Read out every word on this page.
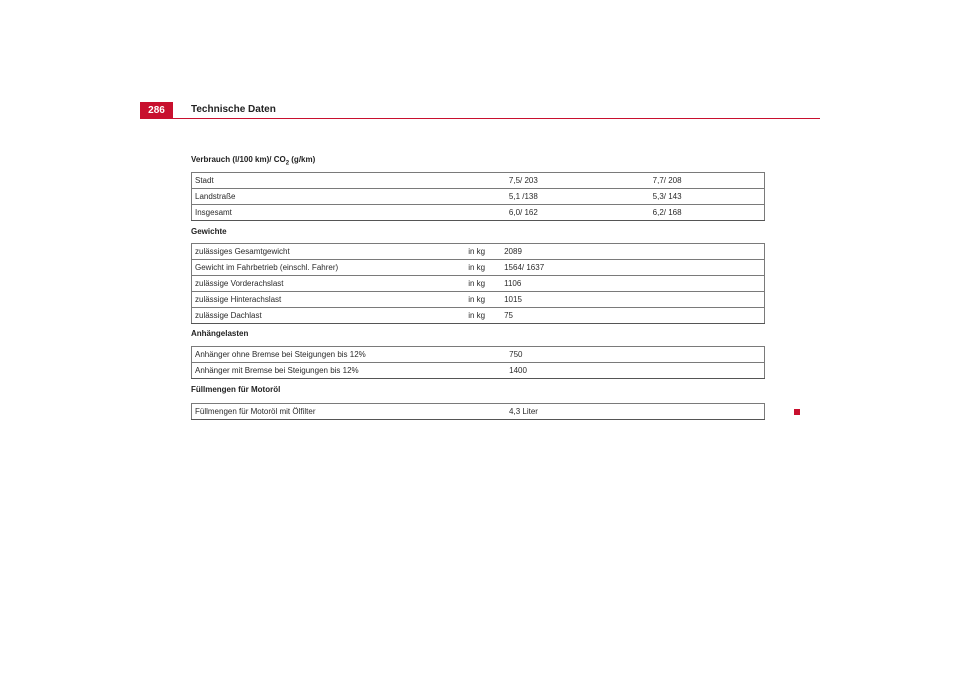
286	Technische Daten
Verbrauch (l/100 km)/ $CO_2$ (g/km)
Stadt	7,5/ 203	7,7/ 208
Landstraße	5,1 /138	5,3/ 143
Insgesamt	6,0/ 162	6,2/ 168
Gewichte
zulässiges Gesamtgewicht	in kg	2089
Gewicht im Fahrbetrieb (einschl. Fahrer)	in kg	1564/ 1637
zulässige Vorderachslast	in kg	1106
zulässige Hinterachslast	in kg	1015
zulässige Dachlast	in kg	75
Anhängelasten
Anhänger ohne Bremse bei Steigungen bis 12%	750
Anhänger mit Bremse bei Steigungen bis 12%	1400
Füllmengen für Motoröl
Füllmengen für Motoröl mit Ölfilter	4,3 Liter
